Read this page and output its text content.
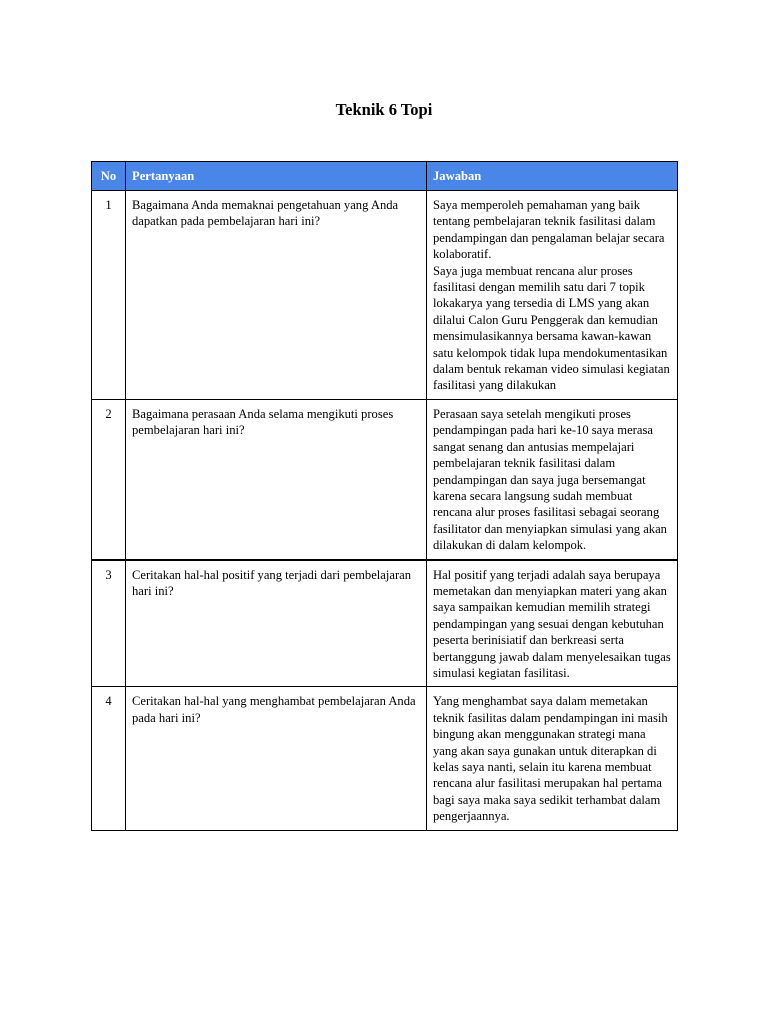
Teknik 6 Topi
No	Pertanyaan	Jawaban
1	Bagaimana Anda memaknai pengetahuan yang Anda dapatkan pada pembelajaran hari ini?	Saya memperoleh pemahaman yang baik tentang pembelajaran teknik fasilitasi dalam pendampingan dan pengalaman belajar secara kolaboratif.
Saya juga membuat rencana alur proses fasilitasi dengan memilih satu dari 7 topik lokakarya yang tersedia di LMS yang akan dilalui Calon Guru Penggerak dan kemudian mensimulasikannya bersama kawan-kawan satu kelompok tidak lupa mendokumentasikan dalam bentuk rekaman video simulasi kegiatan fasilitasi yang dilakukan

2	Bagaimana perasaan Anda selama mengikuti proses pembelajaran hari ini?	Perasaan saya setelah mengikuti proses pendampingan pada hari ke-10 saya merasa sangat senang dan antusias mempelajari pembelajaran teknik fasilitasi dalam pendampingan dan saya juga bersemangat karena secara langsung sudah membuat rencana alur proses fasilitasi sebagai seorang fasilitator dan menyiapkan simulasi yang akan dilakukan di dalam kelompok.

3	Ceritakan hal-hal positif yang terjadi dari pembelajaran hari ini?	Hal positif yang terjadi adalah saya berupaya memetakan dan menyiapkan materi yang akan saya sampaikan kemudian memilih strategi pendampingan yang sesuai dengan kebutuhan peserta berinisiatif dan berkreasi serta bertanggung jawab dalam menyelesaikan tugas simulasi kegiatan fasilitasi.

4	Ceritakan hal-hal yang menghambat pembelajaran Anda pada hari ini?	Yang menghambat saya dalam memetakan teknik fasilitas dalam pendampingan ini masih bingung akan menggunakan strategi mana yang akan saya gunakan untuk diterapkan di kelas saya nanti, selain itu karena membuat rencana alur fasilitasi merupakan hal pertama bagi saya maka saya sedikit terhambat dalam pengerjaannya.
